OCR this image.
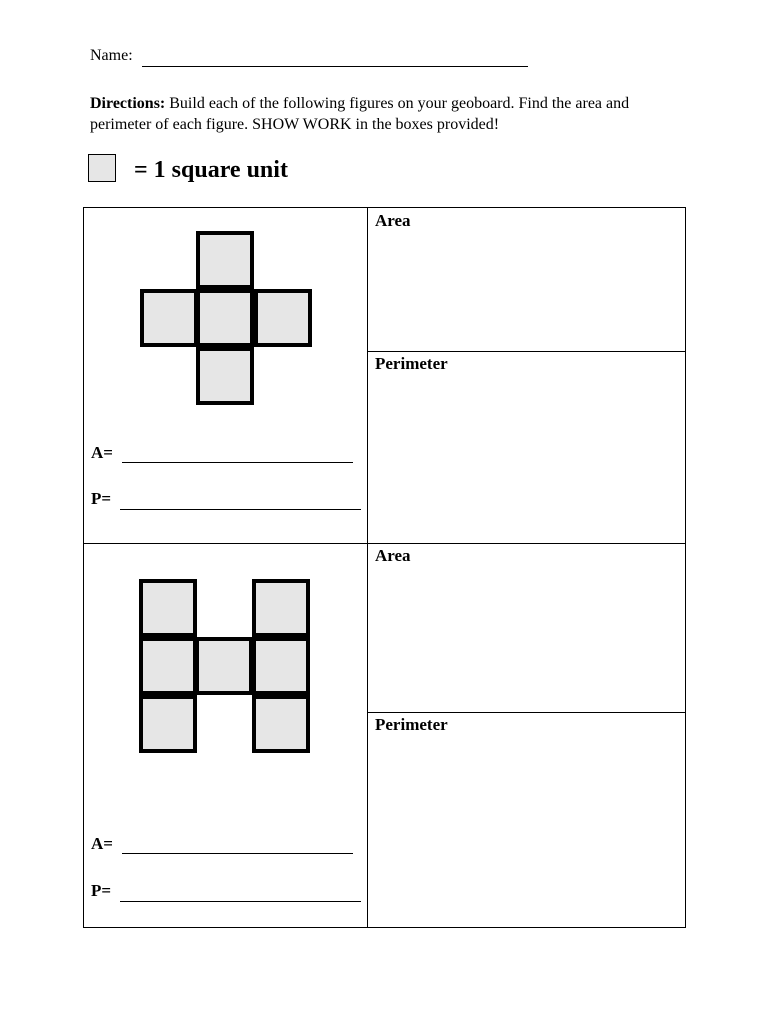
Name:
Directions: Build each of the following figures on your geoboard. Find the area and perimeter of each figure. SHOW WORK in the boxes provided!
= 1 square unit
Area
Perimeter
A=
P=
Area
Perimeter
A=
P=
